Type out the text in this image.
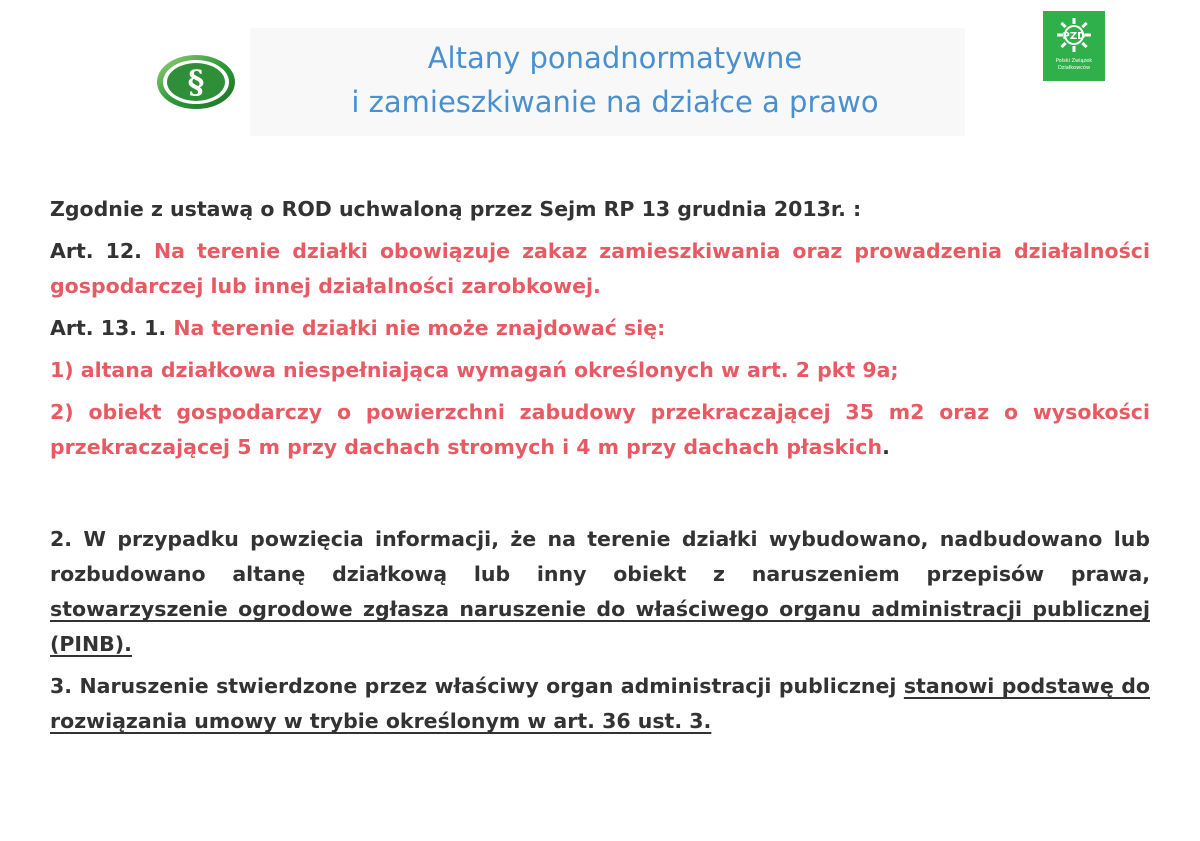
Altany ponadnormatywne
i zamieszkiwanie na działce a prawo
§
PZD
Polski Związek
Działkowców

Zgodnie z ustawą o ROD uchwaloną przez Sejm RP 13 grudnia 2013r. :

Art. 12. Na terenie działki obowiązuje zakaz zamieszkiwania oraz prowadzenia działalności gospodarczej lub innej działalności zarobkowej.

Art. 13. 1. Na terenie działki nie może znajdować się:

1) altana działkowa niespełniająca wymagań określonych w art. 2 pkt 9a;

2) obiekt gospodarczy o powierzchni zabudowy przekraczającej 35 m2 oraz o wysokości przekraczającej 5 m przy dachach stromych i 4 m przy dachach płaskich.

2. W przypadku powzięcia informacji, że na terenie działki wybudowano, nadbudowano lub rozbudowano altanę działkową lub inny obiekt z naruszeniem przepisów prawa, stowarzyszenie ogrodowe zgłasza naruszenie do właściwego organu administracji publicznej (PINB).

3. Naruszenie stwierdzone przez właściwy organ administracji publicznej stanowi podstawę do rozwiązania umowy w trybie określonym w art. 36 ust. 3.
